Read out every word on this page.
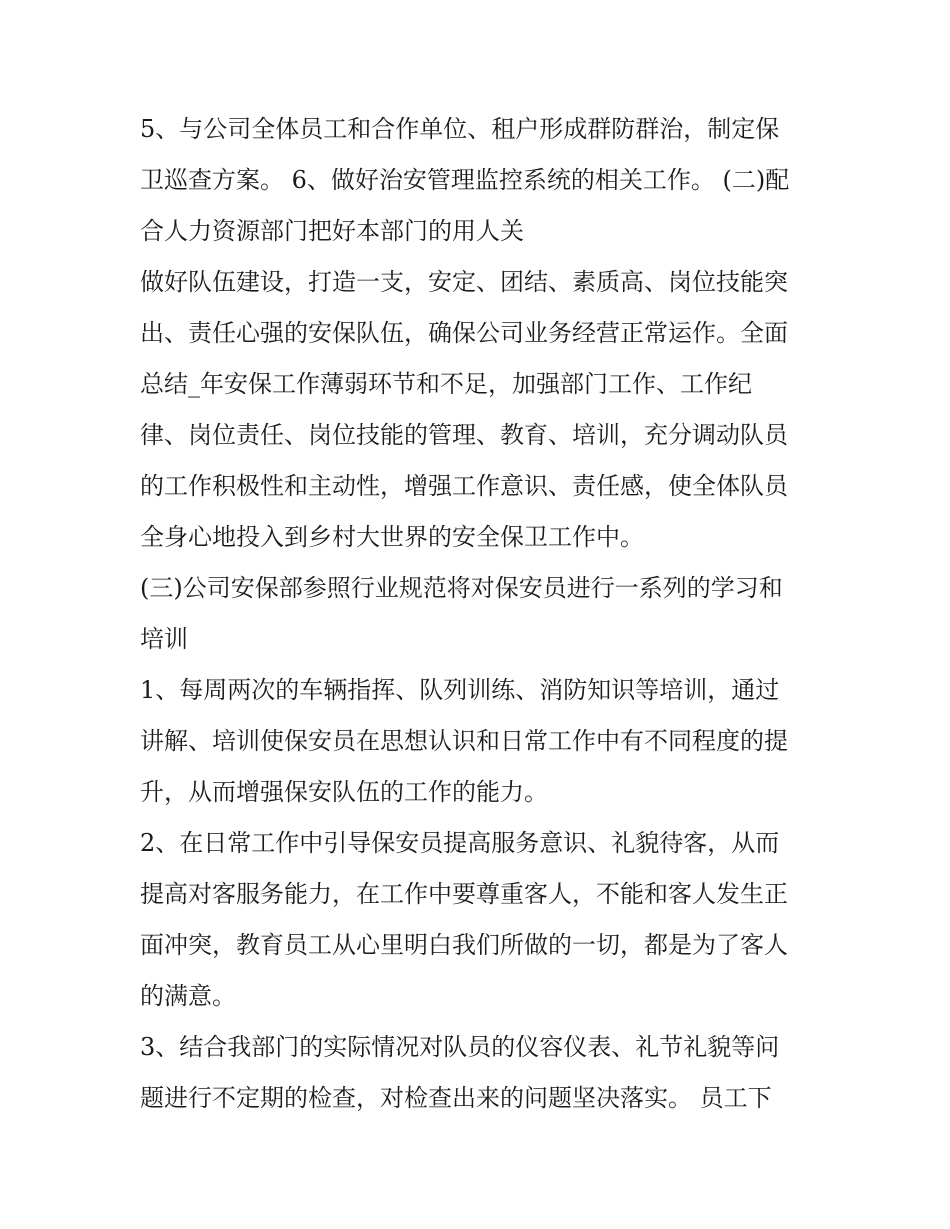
5、与公司全体员工和合作单位、租户形成群防群治，制定保
卫巡查方案。 6、做好治安管理监控系统的相关工作。 (二)配
合人力资源部门把好本部门的用人关
做好队伍建设，打造一支，安定、团结、素质高、岗位技能突
出、责任心强的安保队伍，确保公司业务经营正常运作。全面
总结_年安保工作薄弱环节和不足，加强部门工作、工作纪
律、岗位责任、岗位技能的管理、教育、培训，充分调动队员
的工作积极性和主动性，增强工作意识、责任感，使全体队员
全身心地投入到乡村大世界的安全保卫工作中。
(三)公司安保部参照行业规范将对保安员进行一系列的学习和
培训
1、每周两次的车辆指挥、队列训练、消防知识等培训，通过
讲解、培训使保安员在思想认识和日常工作中有不同程度的提
升，从而增强保安队伍的工作的能力。
2、在日常工作中引导保安员提高服务意识、礼貌待客，从而
提高对客服务能力，在工作中要尊重客人，不能和客人发生正
面冲突，教育员工从心里明白我们所做的一切，都是为了客人
的满意。
3、结合我部门的实际情况对队员的仪容仪表、礼节礼貌等问
题进行不定期的检查，对检查出来的问题坚决落实。 员工下
